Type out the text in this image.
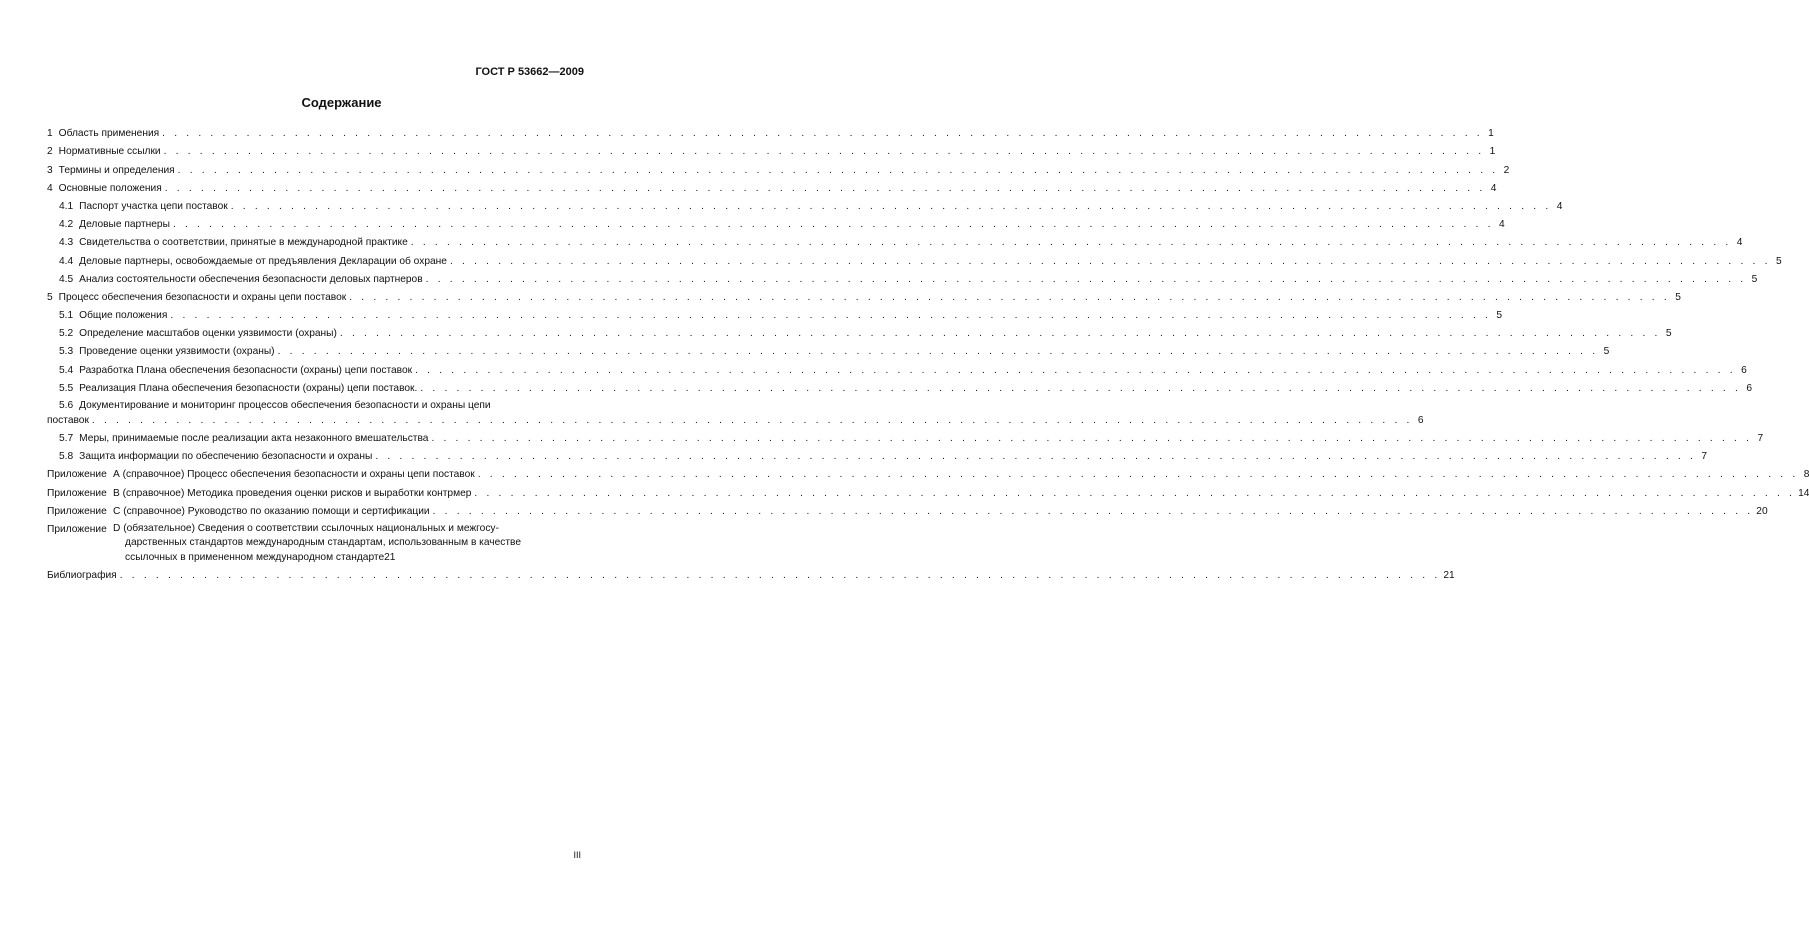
ГОСТ Р 53662—2009
Содержание
1 Область применения . . .	1
2 Нормативные ссылки . . .	1
3 Термины и определения . . .	2
4 Основные положения . . .	4
4.1 Паспорт участка цепи поставок . . .	4
4.2 Деловые партнеры . . .	4
4.3 Свидетельства о соответствии, принятые в международной практике . . .	4
4.4 Деловые партнеры, освобождаемые от предъявления Декларации об охране . . .	5
4.5 Анализ состоятельности обеспечения безопасности деловых партнеров . . .	5
5 Процесс обеспечения безопасности и охраны цепи поставок . . .	5
5.1 Общие положения . . .	5
5.2 Определение масштабов оценки уязвимости (охраны) . . .	5
5.3 Проведение оценки уязвимости (охраны) . . .	5
5.4 Разработка Плана обеспечения безопасности (охраны) цепи поставок . . .	6
5.5 Реализация Плана обеспечения безопасности (охраны) цепи поставок. . . .	6
5.6 Документирование и мониторинг процессов обеспечения безопасности и охраны цепи
поставок . . .	6
5.7 Меры, принимаемые после реализации акта незаконного вмешательства . . .	7
5.8 Защита информации по обеспечению безопасности и охраны . . .	7
Приложение А (справочное) Процесс обеспечения безопасности и охраны цепи поставок . . .	8
Приложение В (справочное) Методика проведения оценки рисков и выработки контрмер . . .	14
Приложение С (справочное) Руководство по оказанию помощи и сертификации . . .	20
Приложение D (обязательное) Сведения о соответствии ссылочных национальных и межгосу-
дарственных стандартов международным стандартам, использованным в качестве
ссылочных в примененном международном стандарте 21
Библиография . . .	21
III
